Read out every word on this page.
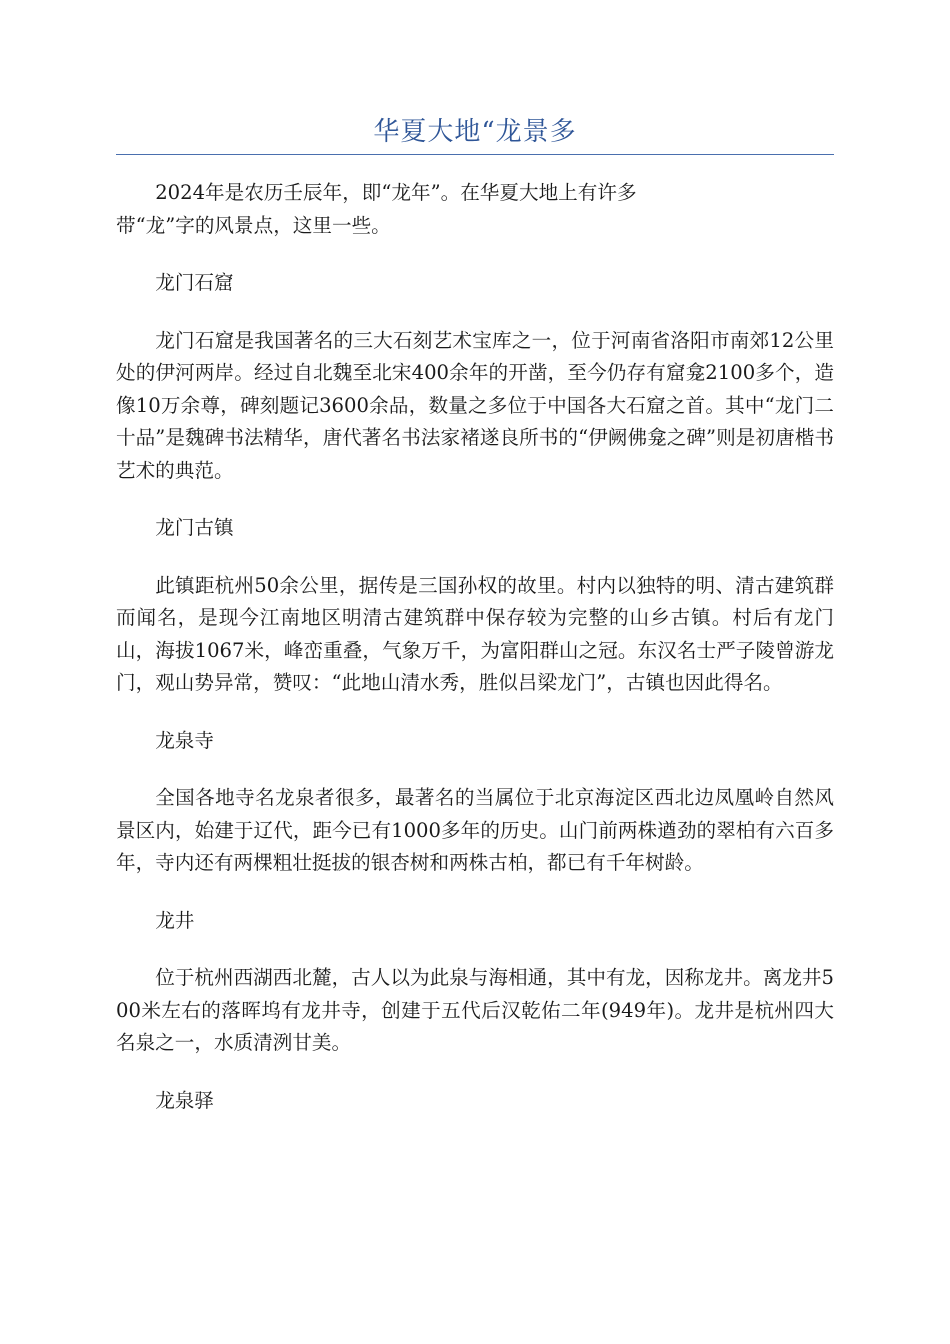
华夏大地“龙景多

2024年是农历壬辰年，即“龙年”。在华夏大地上有许多
带“龙”字的风景点，这里一些。

龙门石窟

龙门石窟是我国著名的三大石刻艺术宝库之一，位于河南省洛阳市南郊12公里处的伊河两岸。经过自北魏至北宋400余年的开凿，至今仍存有窟龛2100多个，造像10万余尊，碑刻题记3600余品，数量之多位于中国各大石窟之首。其中“龙门二十品”是魏碑书法精华，唐代著名书法家褚遂良所书的“伊阙佛龛之碑”则是初唐楷书艺术的典范。

龙门古镇

此镇距杭州50余公里，据传是三国孙权的故里。村内以独特的明、清古建筑群而闻名，是现今江南地区明清古建筑群中保存较为完整的山乡古镇。村后有龙门山，海拔1067米，峰峦重叠，气象万千，为富阳群山之冠。东汉名士严子陵曾游龙门，观山势异常，赞叹：“此地山清水秀，胜似吕梁龙门”，古镇也因此得名。

龙泉寺

全国各地寺名龙泉者很多，最著名的当属位于北京海淀区西北边凤凰岭自然风景区内，始建于辽代，距今已有1000多年的历史。山门前两株遒劲的翠柏有六百多年，寺内还有两棵粗壮挺拔的银杏树和两株古柏，都已有千年树龄。

龙井

位于杭州西湖西北麓，古人以为此泉与海相通，其中有龙，因称龙井。离龙井500米左右的落晖坞有龙井寺，创建于五代后汉乾佑二年(949年)。龙井是杭州四大名泉之一，水质清洌甘美。

龙泉驿
